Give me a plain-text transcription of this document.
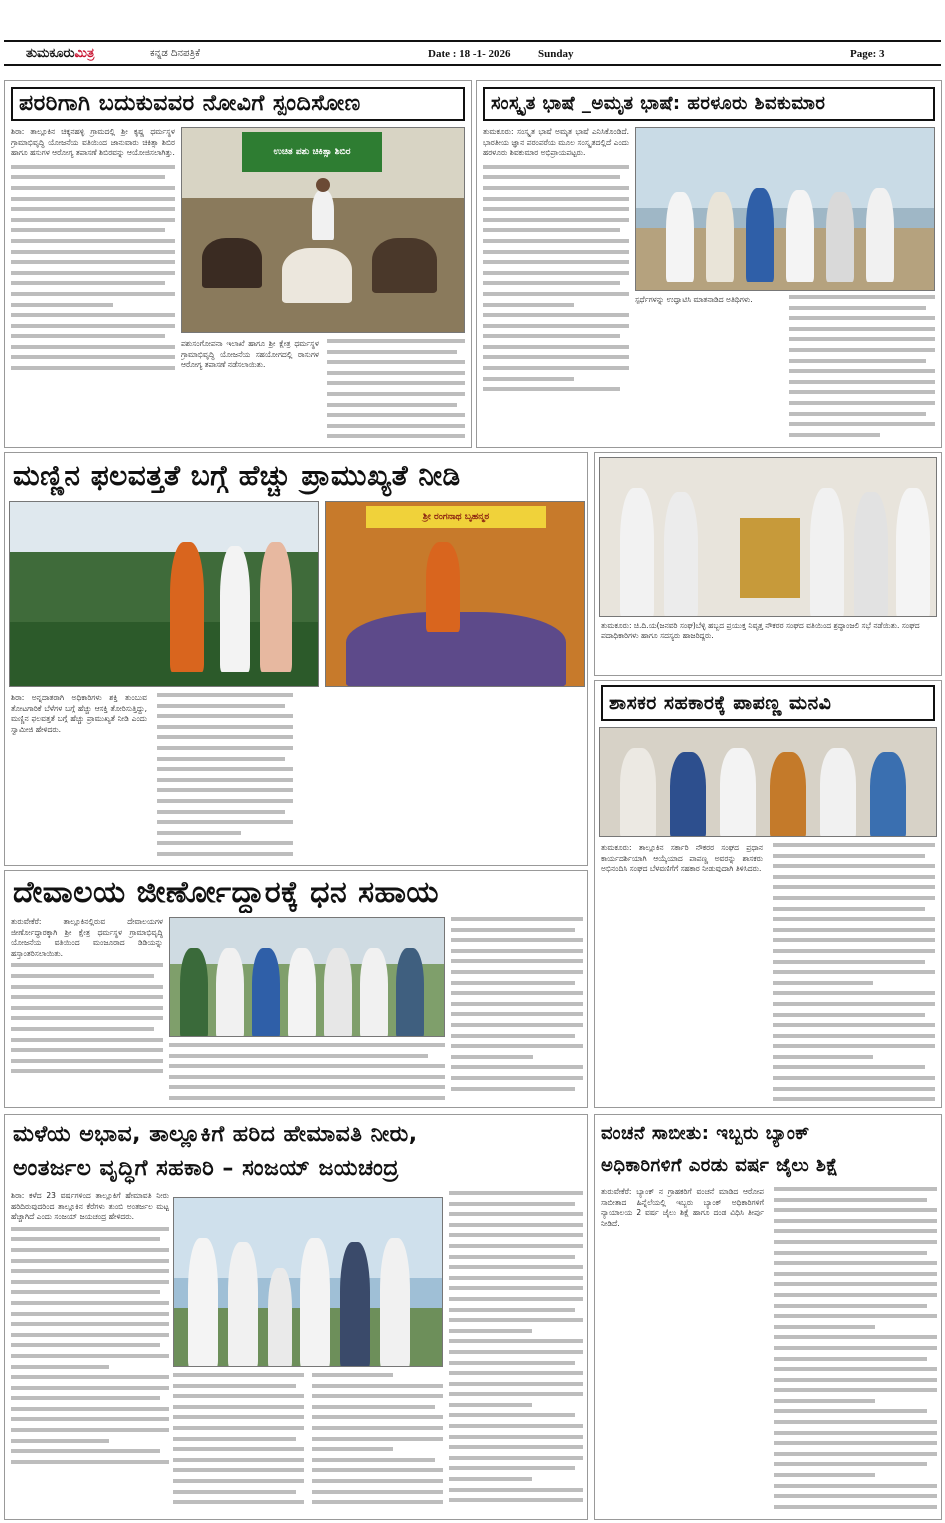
ತುಮಕೂರುಮಿತ್ರ	ಕನ್ನಡ ದಿನಪತ್ರಿಕೆ	Date : 18 -1- 2026	Sunday	Page: 3
ಪರರಿಗಾಗಿ ಬದುಕುವವರ ನೋವಿಗೆ ಸ್ಪಂದಿಸೋಣ
ಶಿರಾ: ತಾಲ್ಲೂಕಿನ ಚಿಕ್ಕನಹಳ್ಳಿ ಗ್ರಾಮದಲ್ಲಿ ಶ್ರೀ ಕೃಷ್ಣ ಧರ್ಮಸ್ಥಳ ಗ್ರಾಮಾಭಿವೃದ್ಧಿ ಯೋಜನೆಯ ವತಿಯಿಂದ ಜಾನುವಾರು ಚಿಕಿತ್ಸಾ ಶಿಬಿರ ಹಾಗೂ ಹಸುಗಳ ಆರೋಗ್ಯ ತಪಾಸಣೆ ಶಿಬಿರವನ್ನು ಆಯೋಜಿಸಲಾಗಿತ್ತು.	ಉಚಿತ ಪಶು ಚಿಕಿತ್ಸಾ ಶಿಬಿರ
ಪಶುಸಂಗೋಪನಾ ಇಲಾಖೆ ಹಾಗೂ ಶ್ರೀ ಕ್ಷೇತ್ರ ಧರ್ಮಸ್ಥಳ ಗ್ರಾಮಾಭಿವೃದ್ಧಿ ಯೋಜನೆಯ ಸಹಯೋಗದಲ್ಲಿ ರಾಸುಗಳ ಆರೋಗ್ಯ ತಪಾಸಣೆ ನಡೆಸಲಾಯಿತು.
ಸಂಸ್ಕೃತ ಭಾಷೆ _ಅಮೃತ ಭಾಷೆ: ಹರಳೂರು ಶಿವಕುಮಾರ
ತುಮಕೂರು: ಸಂಸ್ಕೃತ ಭಾಷೆ ಅಮೃತ ಭಾಷೆ ಎನಿಸಿಕೊಂಡಿದೆ. ಭಾರತೀಯ ಜ್ಞಾನ ಪರಂಪರೆಯ ಮೂಲ ಸಂಸ್ಕೃತದಲ್ಲಿದೆ ಎಂದು ಹರಳೂರು ಶಿವಕುಮಾರ ಅಭಿಪ್ರಾಯಪಟ್ಟರು.
ಸ್ಪರ್ಧೆಗಳನ್ನು ಉದ್ಘಾಟಿಸಿ ಮಾತನಾಡಿದ ಅತಿಥಿಗಳು.
ಮಣ್ಣಿನ ಫಲವತ್ತತೆ ಬಗ್ಗೆ ಹೆಚ್ಚು ಪ್ರಾಮುಖ್ಯತೆ ನೀಡಿ
ಶ್ರೀ ರಂಗನಾಥ ಬೃಹನ್ಮಠ
ಶಿರಾ: ಅನ್ನದಾತರಾಗಿ ಅಧಿಕಾರಿಗಳು ಶಕ್ತಿ ತುಂಬುವ ತೋಟಗಾರಿಕೆ ಬೆಳೆಗಳ ಬಗ್ಗೆ ಹೆಚ್ಚು ಆಸಕ್ತಿ ತೋರಿಸುತ್ತಿದ್ದು, ಮಣ್ಣಿನ ಫಲವತ್ತತೆ ಬಗ್ಗೆ ಹೆಚ್ಚು ಪ್ರಾಮುಖ್ಯತೆ ನೀಡಿ ಎಂದು ಸ್ವಾಮೀಜಿ ಹೇಳಿದರು.
ತುಮಕೂರು: ಚಿ.ದಿ.ಯ(ಜನವರಿ ಸಂಘ)ಬೆಳ್ಳಿ ಹಬ್ಬದ ಪ್ರಯುಕ್ತ ನಿವೃತ್ತ ನೌಕರರ ಸಂಘದ ವತಿಯಿಂದ ಶ್ರದ್ಧಾಂಜಲಿ ಸಭೆ ನಡೆಯಿತು. ಸಂಘದ ಪದಾಧಿಕಾರಿಗಳು ಹಾಗೂ ಸದಸ್ಯರು ಹಾಜರಿದ್ದರು.
ಶಾಸಕರ ಸಹಕಾರಕ್ಕೆ ಪಾಪಣ್ಣ ಮನವಿ
ತುಮಕೂರು: ತಾಲ್ಲೂಕಿನ ಸರ್ಕಾರಿ ನೌಕರರ ಸಂಘದ ಪ್ರಧಾನ ಕಾರ್ಯದರ್ಶಿಯಾಗಿ ಆಯ್ಕೆಯಾದ ಪಾಪಣ್ಣ ಅವರನ್ನು ಶಾಸಕರು ಅಭಿನಂದಿಸಿ ಸಂಘದ ಬೆಳವಣಿಗೆಗೆ ಸಹಕಾರ ನೀಡುವುದಾಗಿ ತಿಳಿಸಿದರು.
ದೇವಾಲಯ ಜೀರ್ಣೋದ್ದಾರಕ್ಕೆ ಧನ ಸಹಾಯ
ತುರುವೇಕೆರೆ: ತಾಲ್ಲೂಕಿನಲ್ಲಿರುವ ದೇವಾಲಯಗಳ ಜೀರ್ಣೋದ್ಧಾರಕ್ಕಾಗಿ ಶ್ರೀ ಕ್ಷೇತ್ರ ಧರ್ಮಸ್ಥಳ ಗ್ರಾಮಾಭಿವೃದ್ಧಿ ಯೋಜನೆಯ ವತಿಯಿಂದ ಮಂಜೂರಾದ ಡಿಡಿಯನ್ನು ಹಸ್ತಾಂತರಿಸಲಾಯಿತು.
ಮಳೆಯ ಅಭಾವ, ತಾಲ್ಲೂಕಿಗೆ ಹರಿದ ಹೇಮಾವತಿ ನೀರು,
ಅಂತರ್ಜಲ ವೃದ್ಧಿಗೆ ಸಹಕಾರಿ – ಸಂಜಯ್ ಜಯಚಂದ್ರ
ಶಿರಾ: ಕಳೆದ 23 ವರ್ಷಗಳಿಂದ ತಾಲ್ಲೂಕಿಗೆ ಹೇಮಾವತಿ ನೀರು ಹರಿದಿರುವುದರಿಂದ ತಾಲ್ಲೂಕಿನ ಕೆರೆಗಳು ತುಂಬಿ ಅಂತರ್ಜಲ ಮಟ್ಟ ಹೆಚ್ಚಾಗಿದೆ ಎಂದು ಸಂಜಯ್ ಜಯಚಂದ್ರ ಹೇಳಿದರು.
ವಂಚನೆ ಸಾಬೀತು: ಇಬ್ಬರು ಬ್ಯಾಂಕ್
ಅಧಿಕಾರಿಗಳಿಗೆ ಎರಡು ವರ್ಷ ಜೈಲು ಶಿಕ್ಷೆ
ತುರುವೇಕೆರೆ: ಬ್ಯಾಂಕ್ ನ ಗ್ರಾಹಕರಿಗೆ ವಂಚನೆ ಮಾಡಿದ ಆರೋಪ ಸಾಬೀತಾದ ಹಿನ್ನೆಲೆಯಲ್ಲಿ ಇಬ್ಬರು ಬ್ಯಾಂಕ್ ಅಧಿಕಾರಿಗಳಿಗೆ ನ್ಯಾಯಾಲಯ 2 ವರ್ಷ ಜೈಲು ಶಿಕ್ಷೆ ಹಾಗೂ ದಂಡ ವಿಧಿಸಿ ತೀರ್ಪು ನೀಡಿದೆ.
